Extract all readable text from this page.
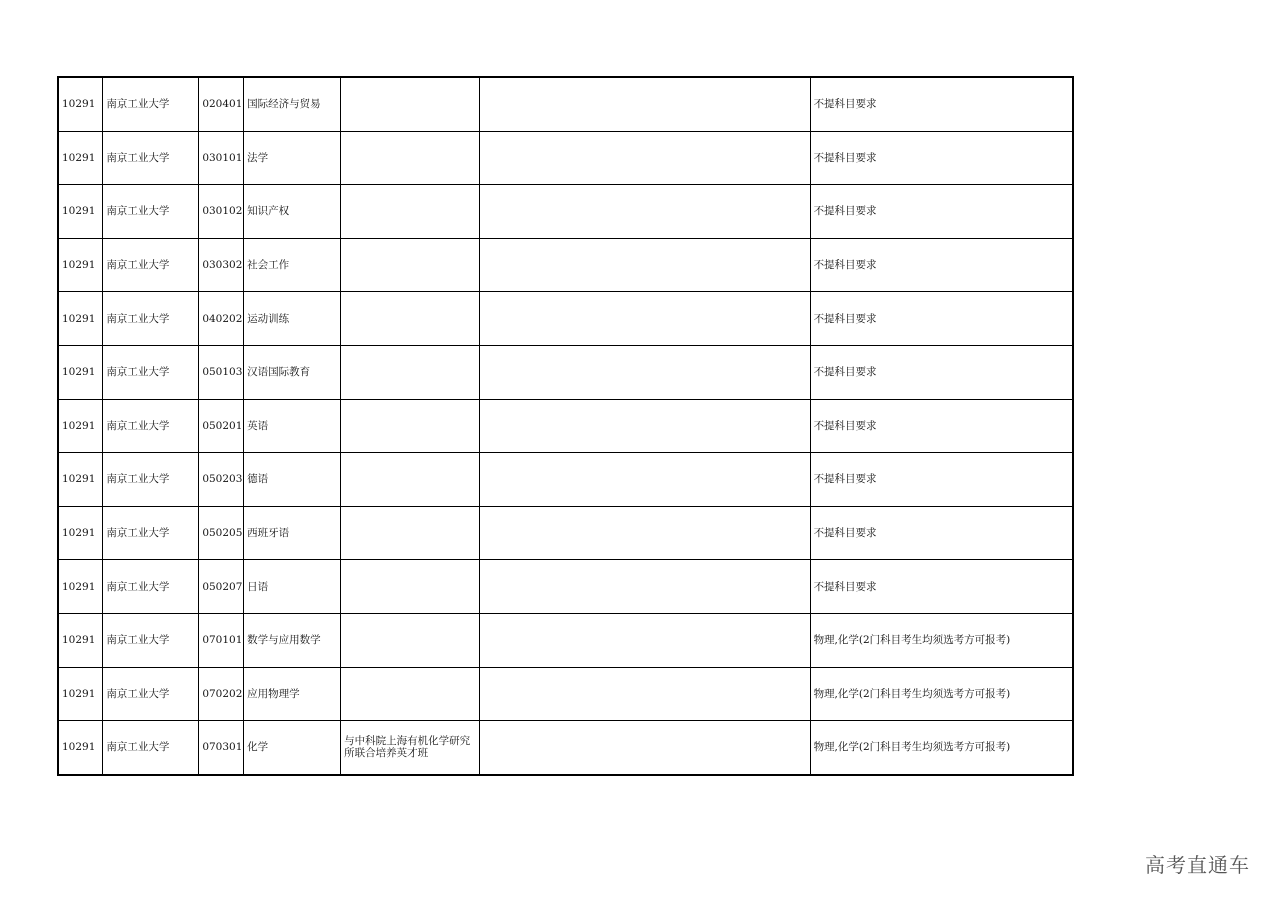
10291	南京工业大学	020401	国际经济与贸易			不提科目要求
10291	南京工业大学	030101	法学			不提科目要求
10291	南京工业大学	030102	知识产权			不提科目要求
10291	南京工业大学	030302	社会工作			不提科目要求
10291	南京工业大学	040202	运动训练			不提科目要求
10291	南京工业大学	050103	汉语国际教育			不提科目要求
10291	南京工业大学	050201	英语			不提科目要求
10291	南京工业大学	050203	德语			不提科目要求
10291	南京工业大学	050205	西班牙语			不提科目要求
10291	南京工业大学	050207	日语			不提科目要求
10291	南京工业大学	070101	数学与应用数学			物理,化学(2门科目考生均须选考方可报考)
10291	南京工业大学	070202	应用物理学			物理,化学(2门科目考生均须选考方可报考)
10291	南京工业大学	070301	化学	与中科院上海有机化学研究所联合培养英才班		物理,化学(2门科目考生均须选考方可报考)
高考直通车
